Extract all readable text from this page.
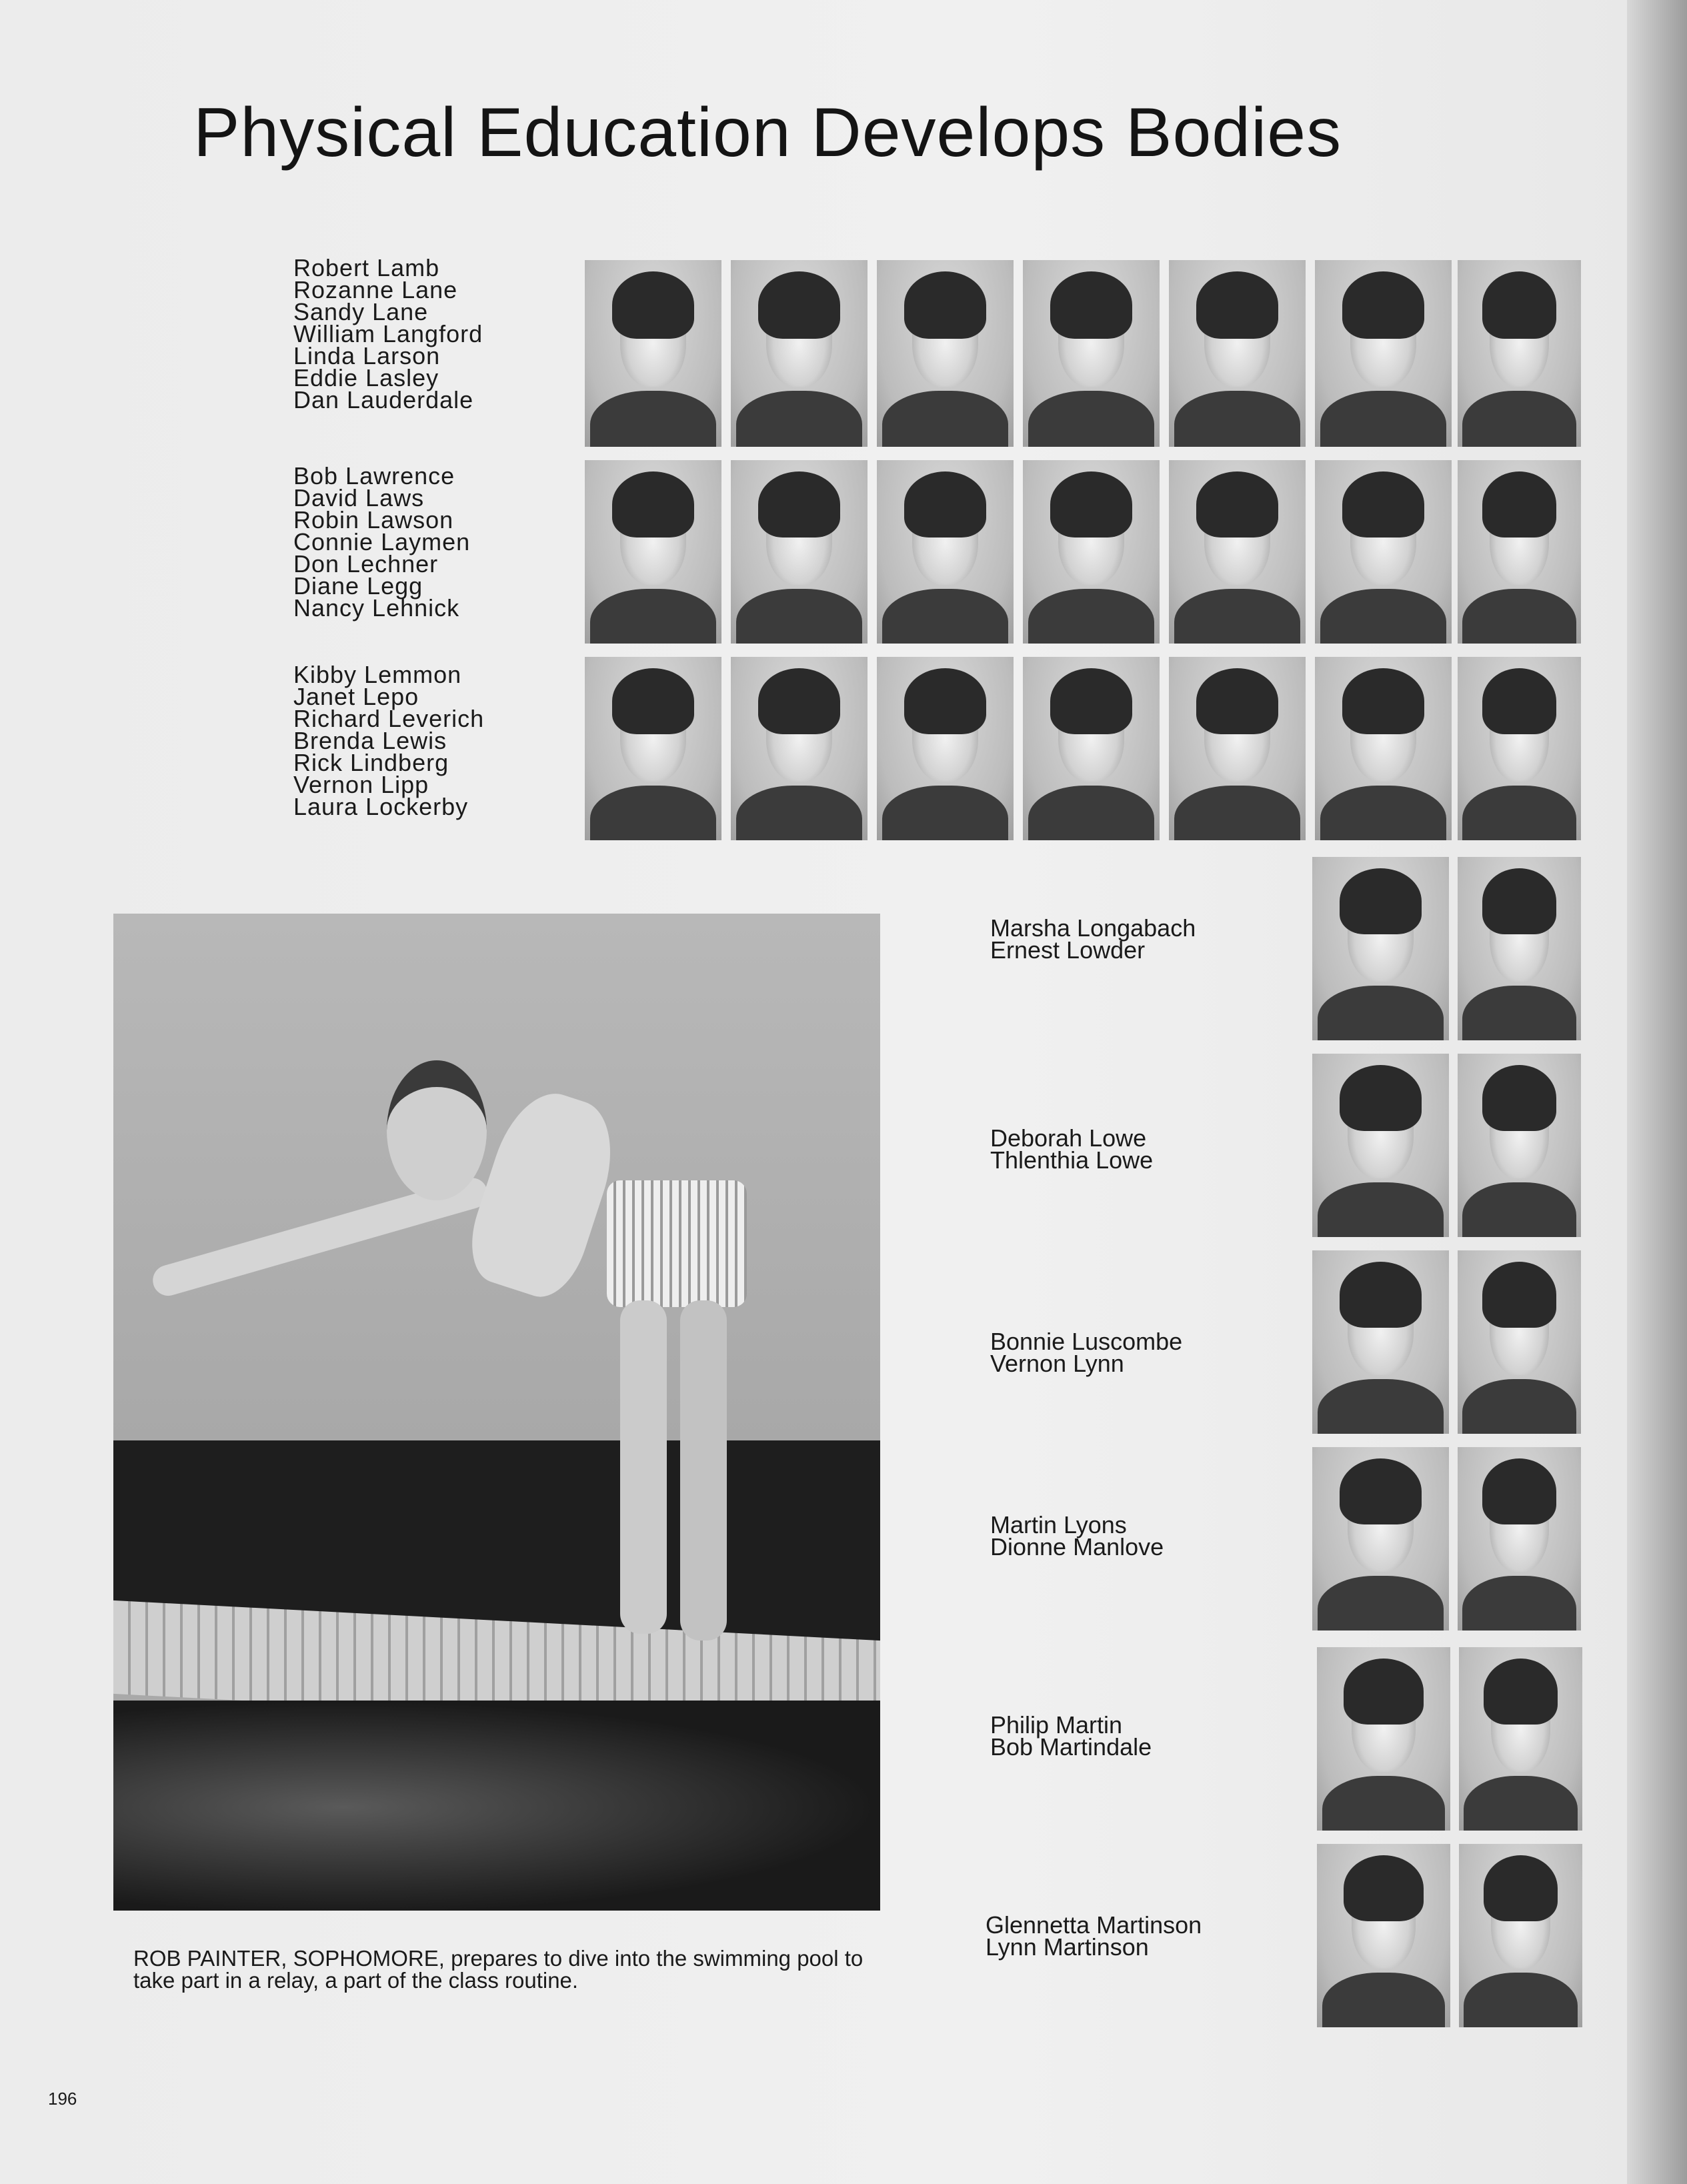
Physical Education Develops Bodies
Robert Lamb
Rozanne Lane
Sandy Lane
William Langford
Linda Larson
Eddie Lasley
Dan Lauderdale
Bob Lawrence
David Laws
Robin Lawson
Connie Laymen
Don Lechner
Diane Legg
Nancy Lehnick
Kibby Lemmon
Janet Lepo
Richard Leverich
Brenda Lewis
Rick Lindberg
Vernon Lipp
Laura Lockerby

ROB PAINTER, SOPHOMORE, prepares to dive into the swimming pool to take part in a relay, a part of the class routine.

Marsha Longabach
Ernest Lowder
Deborah Lowe
Thlenthia Lowe
Bonnie Luscombe
Vernon Lynn
Martin Lyons
Dionne Manlove
Philip Martin
Bob Martindale
Glennetta Martinson
Lynn Martinson
196
